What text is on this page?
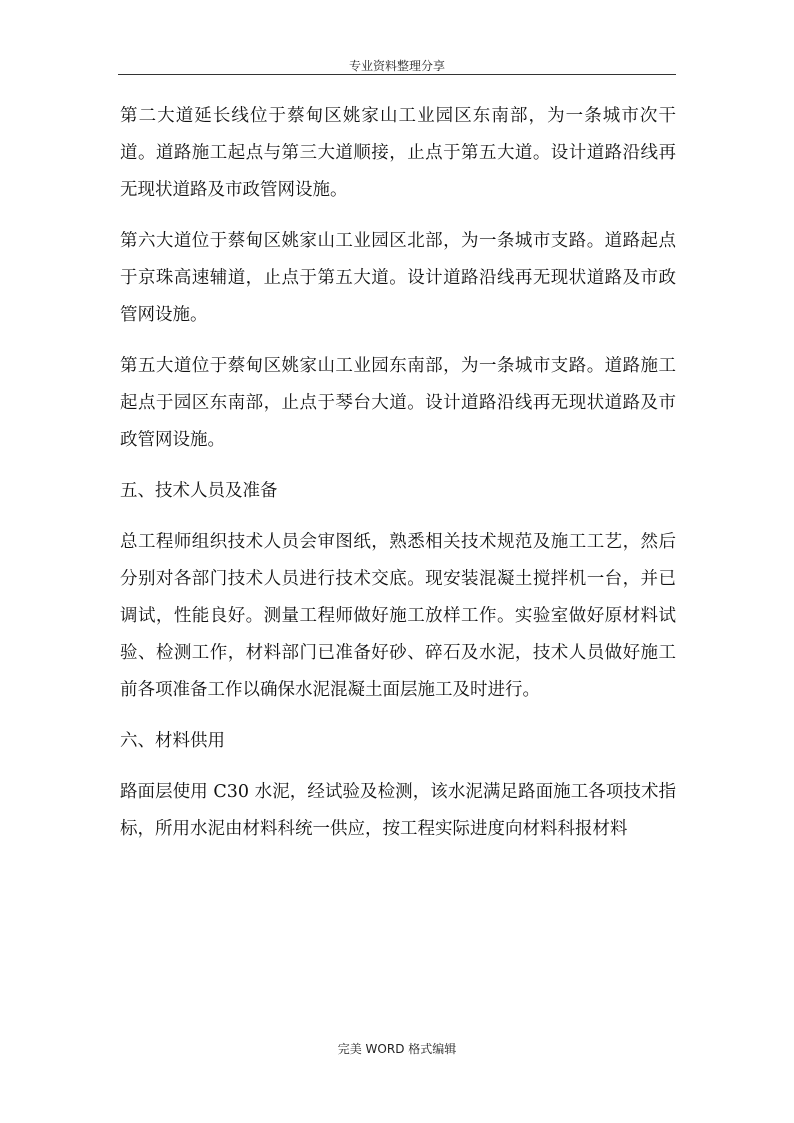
专业资料整理分享

第二大道延长线位于蔡甸区姚家山工业园区东南部，为一条城市次干道。道路施工起点与第三大道顺接，止点于第五大道。设计道路沿线再无现状道路及市政管网设施。

第六大道位于蔡甸区姚家山工业园区北部，为一条城市支路。道路起点于京珠高速辅道，止点于第五大道。设计道路沿线再无现状道路及市政管网设施。

第五大道位于蔡甸区姚家山工业园东南部，为一条城市支路。道路施工起点于园区东南部，止点于琴台大道。设计道路沿线再无现状道路及市政管网设施。

五、技术人员及准备

总工程师组织技术人员会审图纸，熟悉相关技术规范及施工工艺，然后分别对各部门技术人员进行技术交底。现安装混凝土搅拌机一台，并已调试，性能良好。测量工程师做好施工放样工作。实验室做好原材料试验、检测工作，材料部门已准备好砂、碎石及水泥，技术人员做好施工前各项准备工作以确保水泥混凝土面层施工及时进行。

六、材料供用

路面层使用 C30 水泥，经试验及检测，该水泥满足路面施工各项技术指标，所用水泥由材料科统一供应，按工程实际进度向材料科报材料

完美 WORD 格式编辑
